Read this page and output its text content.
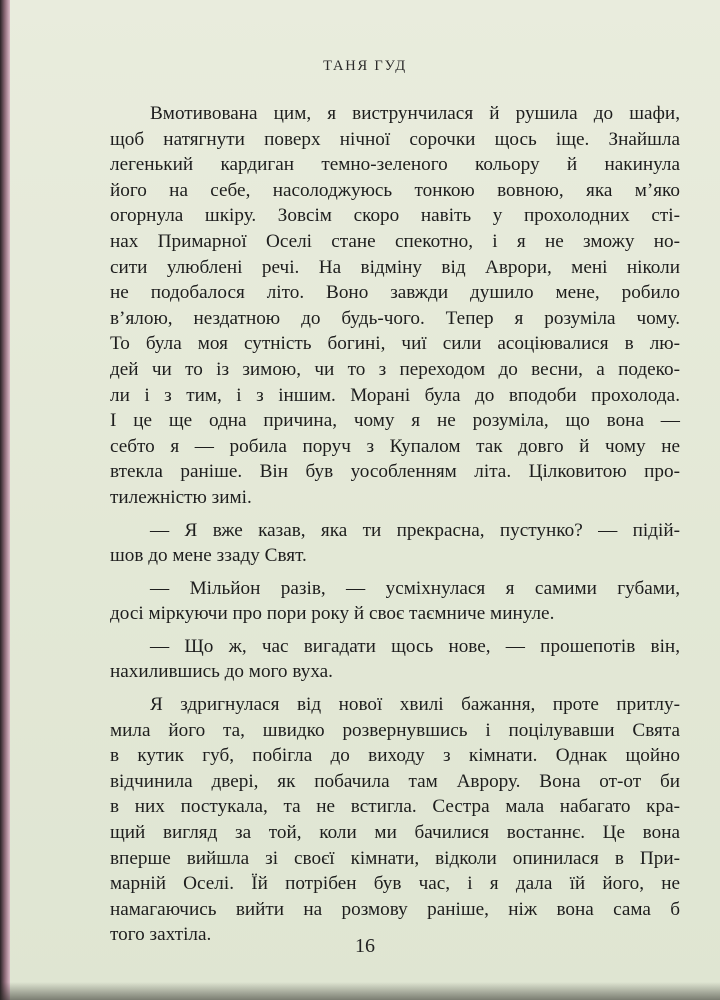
ТАНЯ ГУД
Вмотивована цим, я виструнчилася й рушила до шафи,
щоб натягнути поверх нічної сорочки щось іще. Знайшла
легенький кардиган темно-зеленого кольору й накинула
його на себе, насолоджуюсь тонкою вовною, яка м’яко
огорнула шкіру. Зовсім скоро навіть у прохолодних сті-
нах Примарної Оселі стане спекотно, і я не зможу но-
сити улюблені речі. На відміну від Аврори, мені ніколи
не подобалося літо. Воно завжди душило мене, робило
в’ялою, нездатною до будь-чого. Тепер я розуміла чому.
То була моя сутність богині, чиї сили асоціювалися в лю-
дей чи то із зимою, чи то з переходом до весни, а подеко-
ли і з тим, і з іншим. Морані була до вподоби прохолода.
І це ще одна причина, чому я не розуміла, що вона —
себто я — робила поруч з Купалом так довго й чому не
втекла раніше. Він був уособленням літа. Цілковитою про-
тилежністю зимі.
— Я вже казав, яка ти прекрасна, пустунко? — підій-
шов до мене ззаду Свят.
— Мільйон разів, — усміхнулася я самими губами,
досі міркуючи про пори року й своє таємниче минуле.
— Що ж, час вигадати щось нове, — прошепотів він,
нахилившись до мого вуха.
Я здригнулася від нової хвилі бажання, проте притлу-
мила його та, швидко розвернувшись і поцілувавши Свята
в кутик губ, побігла до виходу з кімнати. Однак щойно
відчинила двері, як побачила там Аврору. Вона от-от би
в них постукала, та не встигла. Сестра мала набагато кра-
щий вигляд за той, коли ми бачилися востаннє. Це вона
вперше вийшла зі своєї кімнати, відколи опинилася в При-
марній Оселі. Їй потрібен був час, і я дала їй його, не
намагаючись вийти на розмову раніше, ніж вона сама б
того захтіла.
16
